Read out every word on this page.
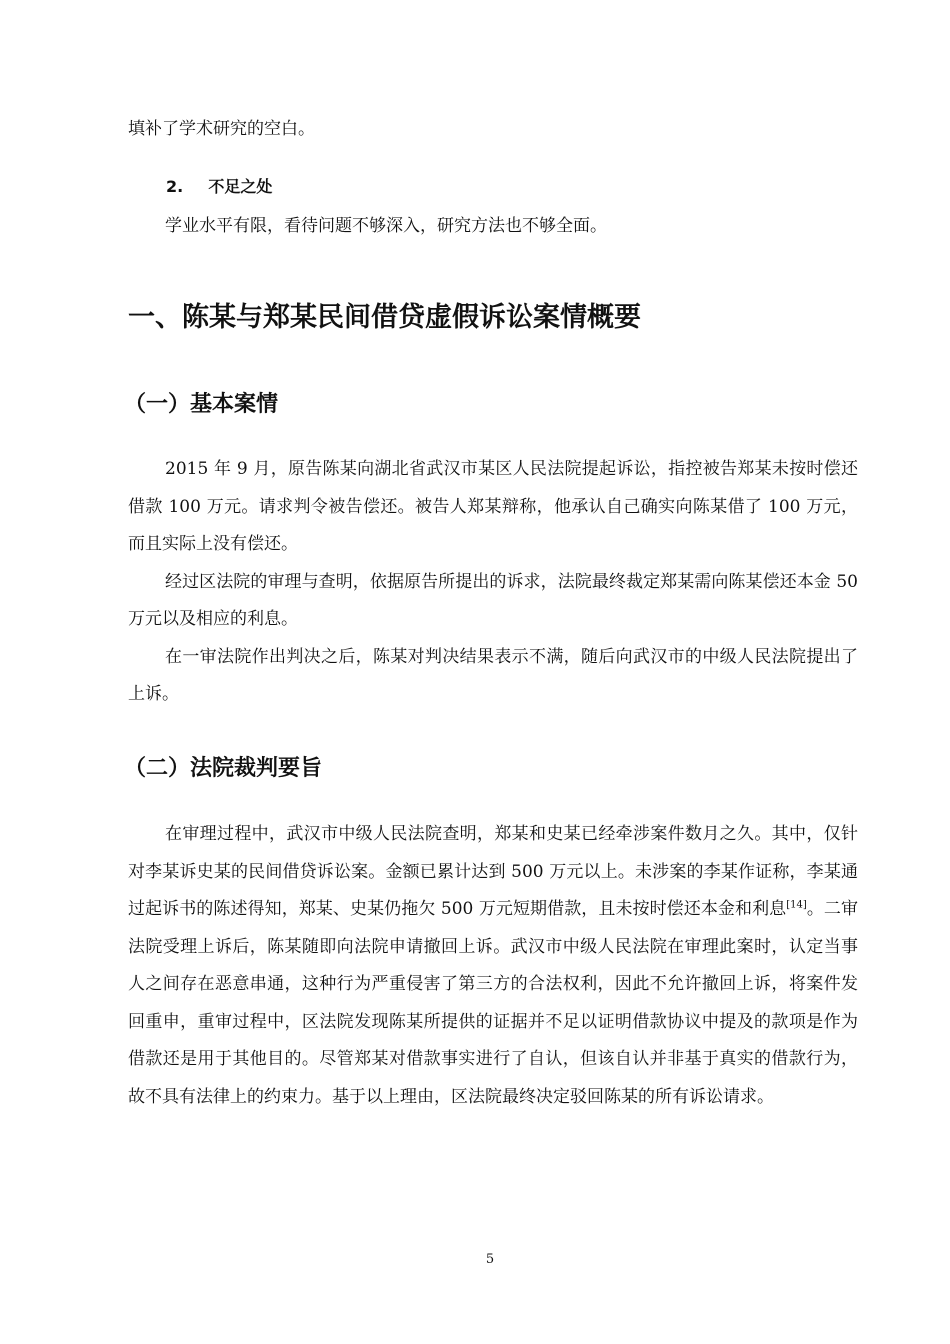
填补了学术研究的空白。

2. 不足之处

学业水平有限，看待问题不够深入，研究方法也不够全面。

一、陈某与郑某民间借贷虚假诉讼案情概要
（一）基本案情

2015 年 9 月，原告陈某向湖北省武汉市某区人民法院提起诉讼，指控被告郑某未按时偿还借款 100 万元。请求判令被告偿还。被告人郑某辩称，他承认自己确实向陈某借了 100 万元，而且实际上没有偿还。

经过区法院的审理与查明，依据原告所提出的诉求，法院最终裁定郑某需向陈某偿还本金 50 万元以及相应的利息。

在一审法院作出判决之后，陈某对判决结果表示不满，随后向武汉市的中级人民法院提出了上诉。

（二）法院裁判要旨

在审理过程中，武汉市中级人民法院查明，郑某和史某已经牵涉案件数月之久。其中，仅针对李某诉史某的民间借贷诉讼案。金额已累计达到 500 万元以上。未涉案的李某作证称，李某通过起诉书的陈述得知，郑某、史某仍拖欠 500 万元短期借款，且未按时偿还本金和利息[14]。二审法院受理上诉后，陈某随即向法院申请撤回上诉。武汉市中级人民法院在审理此案时，认定当事人之间存在恶意串通，这种行为严重侵害了第三方的合法权利，因此不允许撤回上诉，将案件发回重申，重审过程中，区法院发现陈某所提供的证据并不足以证明借款协议中提及的款项是作为借款还是用于其他目的。尽管郑某对借款事实进行了自认，但该自认并非基于真实的借款行为，故不具有法律上的约束力。基于以上理由，区法院最终决定驳回陈某的所有诉讼请求。

5
